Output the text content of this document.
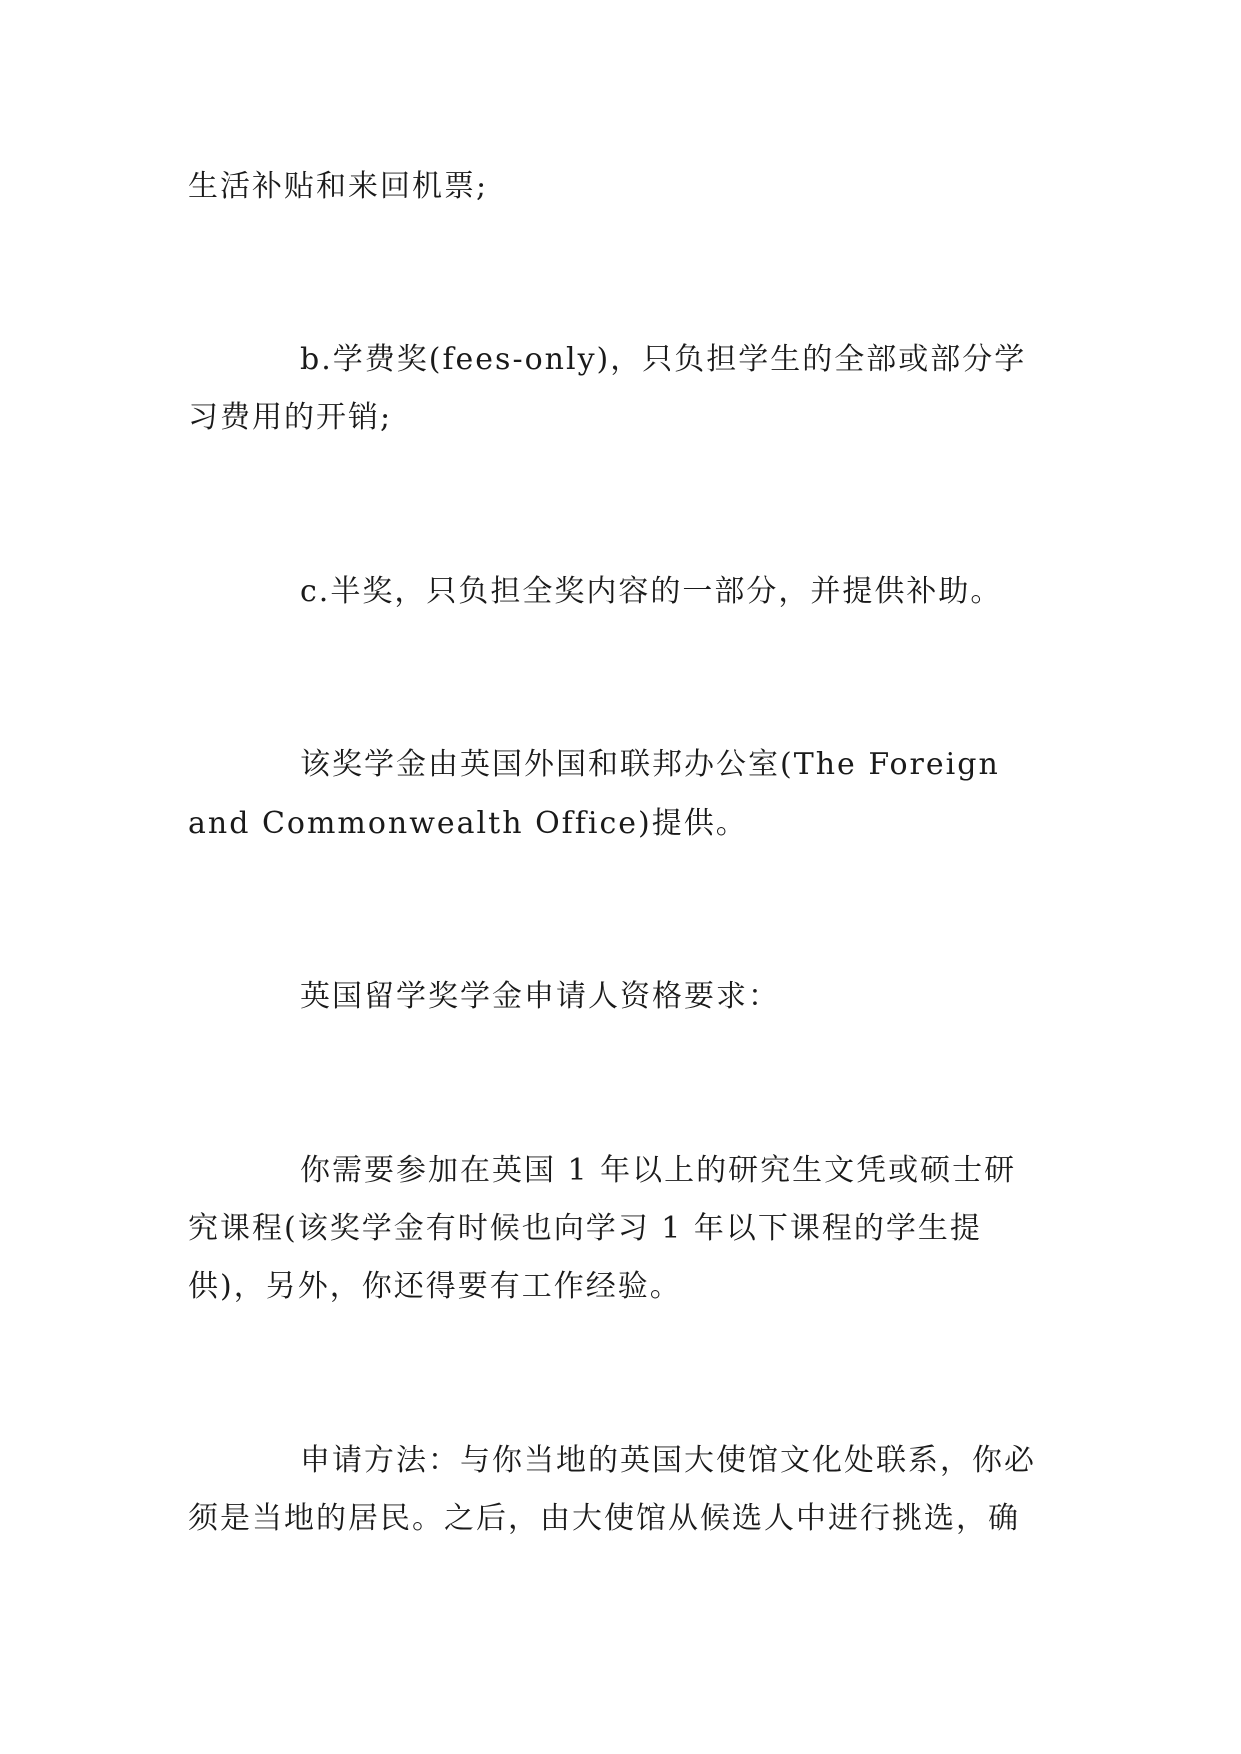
生活补贴和来回机票;

b.学费奖(fees-only)，只负担学生的全部或部分学

习费用的开销;

c.半奖，只负担全奖内容的一部分，并提供补助。

该奖学金由英国外国和联邦办公室(The Foreign

and Commonwealth Office)提供。

英国留学奖学金申请人资格要求：

你需要参加在英国 1 年以上的研究生文凭或硕士研

究课程(该奖学金有时候也向学习 1 年以下课程的学生提

供)，另外，你还得要有工作经验。

申请方法：与你当地的英国大使馆文化处联系，你必

须是当地的居民。之后，由大使馆从候选人中进行挑选，确
